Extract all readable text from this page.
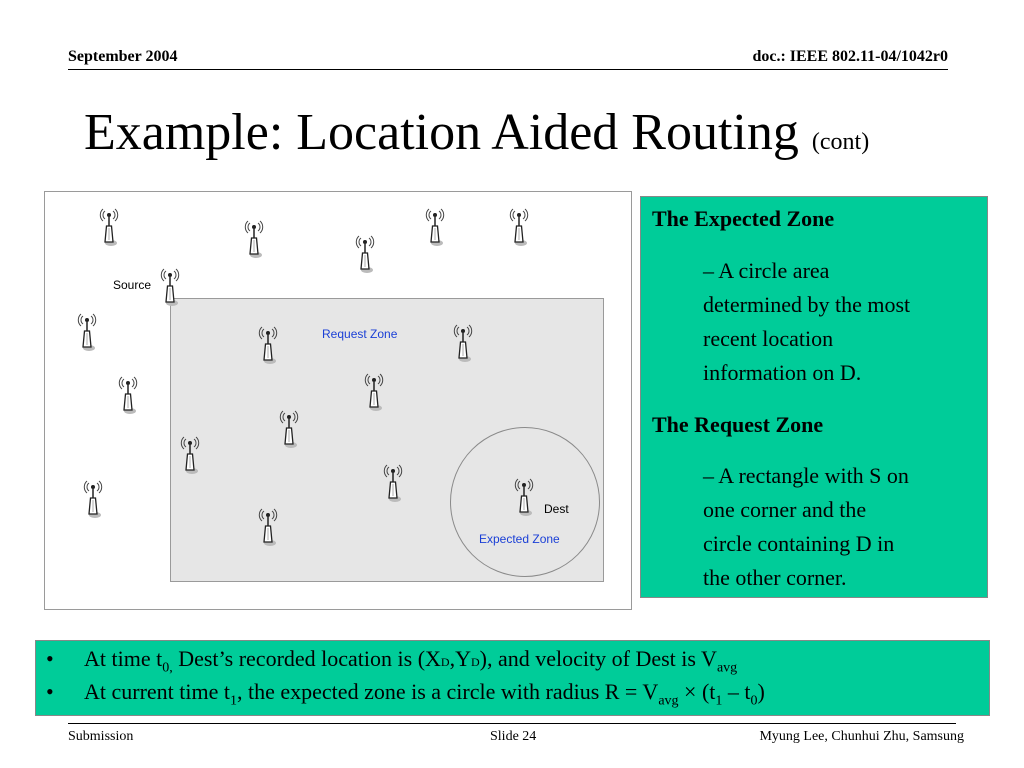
September 2004	doc.: IEEE 802.11-04/1042r0
Example: Location Aided Routing (cont)
Source
Request Zone
Dest
Expected Zone
The Expected Zone
– A circle area
determined by the most
recent location
information on D.
The Request Zone
– A rectangle with S on
one corner and the
circle containing D in
the other corner.
• At time $t_{0,}$ Dest’s recorded location is (XD,YD), and velocity of Dest is $V_{avg}$
• At current time $t_1$, the expected zone is a circle with radius $R = V_{avg} \times (t_1 - t_0)$
Submission	Slide 24	Myung Lee, Chunhui Zhu, Samsung
